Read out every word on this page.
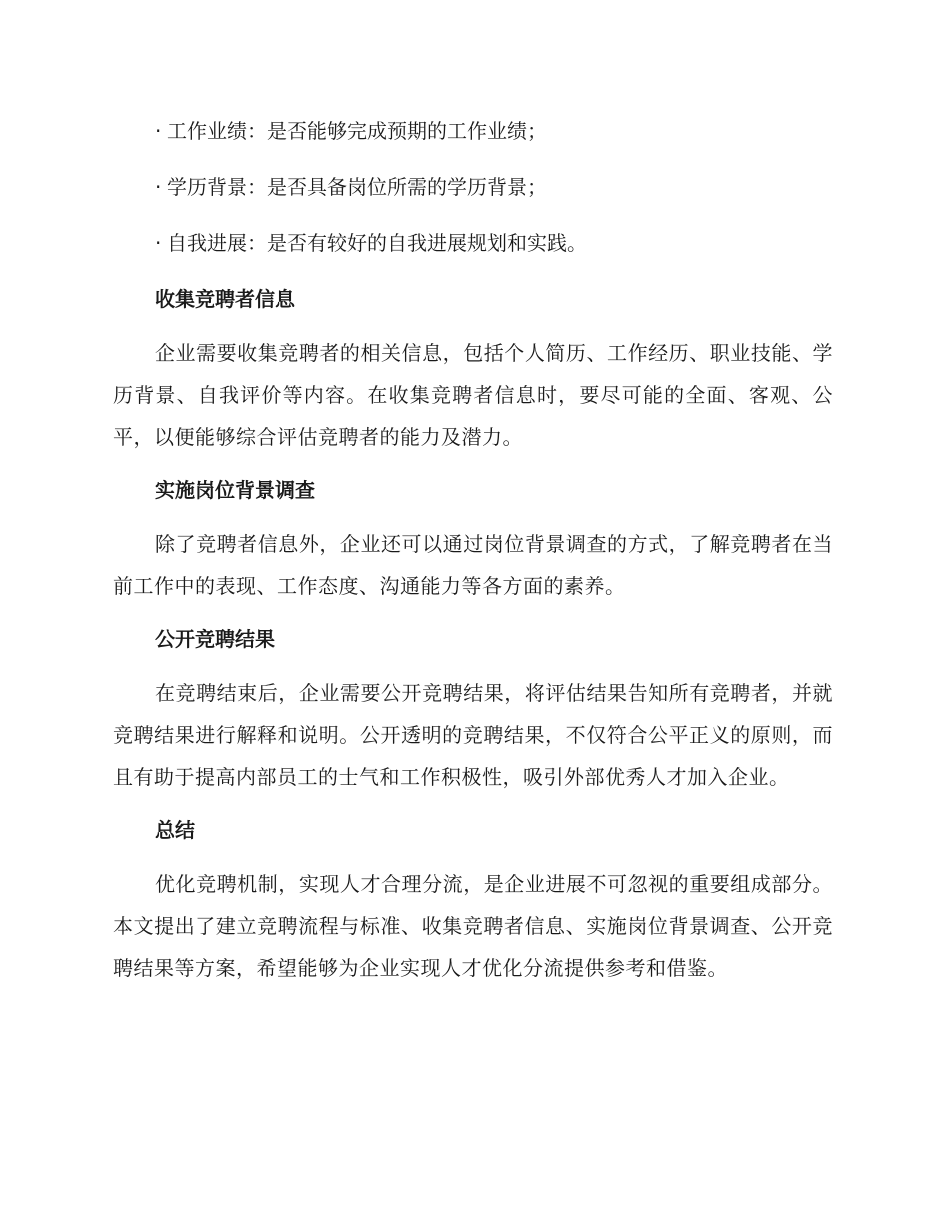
· 工作业绩：是否能够完成预期的工作业绩；
· 学历背景：是否具备岗位所需的学历背景；
· 自我进展：是否有较好的自我进展规划和实践。
收集竞聘者信息

企业需要收集竞聘者的相关信息，包括个人简历、工作经历、职业技能、学历背景、自我评价等内容。在收集竞聘者信息时，要尽可能的全面、客观、公平，以便能够综合评估竞聘者的能力及潜力。

实施岗位背景调查

除了竞聘者信息外，企业还可以通过岗位背景调查的方式，了解竞聘者在当前工作中的表现、工作态度、沟通能力等各方面的素养。

公开竞聘结果

在竞聘结束后，企业需要公开竞聘结果，将评估结果告知所有竞聘者，并就竞聘结果进行解释和说明。公开透明的竞聘结果，不仅符合公平正义的原则，而且有助于提高内部员工的士气和工作积极性，吸引外部优秀人才加入企业。

总结

优化竞聘机制，实现人才合理分流，是企业进展不可忽视的重要组成部分。本文提出了建立竞聘流程与标准、收集竞聘者信息、实施岗位背景调查、公开竞聘结果等方案，希望能够为企业实现人才优化分流提供参考和借鉴。
